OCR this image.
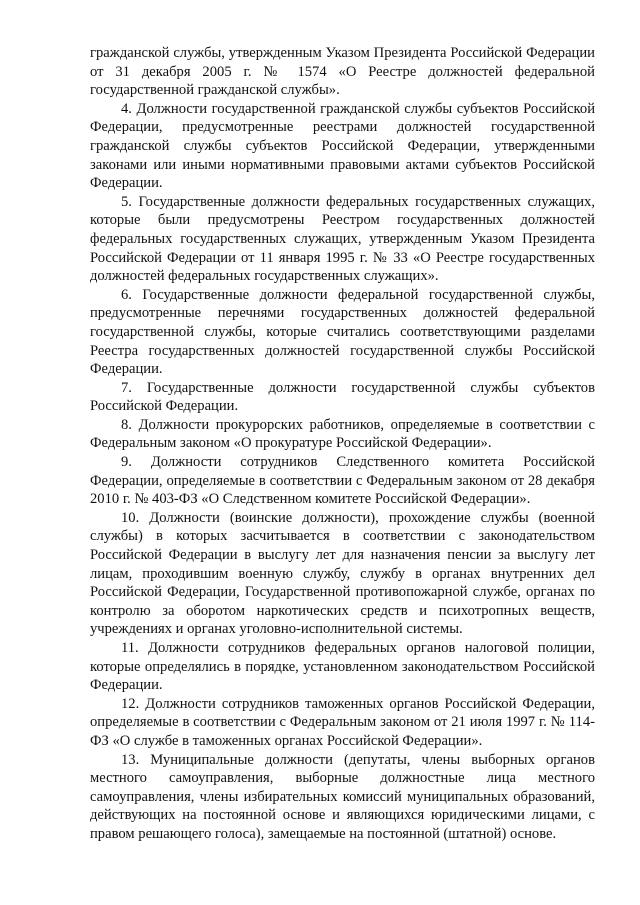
гражданской службы, утвержденным Указом Президента Российской Федерации от 31 декабря 2005 г. № 1574 «О Реестре должностей федеральной государственной гражданской службы».

4. Должности государственной гражданской службы субъектов Российской Федерации, предусмотренные реестрами должностей государственной гражданской службы субъектов Российской Федерации, утвержденными законами или иными нормативными правовыми актами субъектов Российской Федерации.

5. Государственные должности федеральных государственных служащих, которые были предусмотрены Реестром государственных должностей федеральных государственных служащих, утвержденным Указом Президента Российской Федерации от 11 января 1995 г. № 33 «О Реестре государственных должностей федеральных государственных служащих».

6. Государственные должности федеральной государственной службы, предусмотренные перечнями государственных должностей федеральной государственной службы, которые считались соответствующими разделами Реестра государственных должностей государственной службы Российской Федерации.

7. Государственные должности государственной службы субъектов Российской Федерации.

8. Должности прокурорских работников, определяемые в соответствии с Федеральным законом «О прокуратуре Российской Федерации».

9. Должности сотрудников Следственного комитета Российской Федерации, определяемые в соответствии с Федеральным законом от 28 декабря 2010 г. № 403-ФЗ «О Следственном комитете Российской Федерации».

10. Должности (воинские должности), прохождение службы (военной службы) в которых засчитывается в соответствии с законодательством Российской Федерации в выслугу лет для назначения пенсии за выслугу лет лицам, проходившим военную службу, службу в органах внутренних дел Российской Федерации, Государственной противопожарной службе, органах по контролю за оборотом наркотических средств и психотропных веществ, учреждениях и органах уголовно-исполнительной системы.

11. Должности сотрудников федеральных органов налоговой полиции, которые определялись в порядке, установленном законодательством Российской Федерации.

12. Должности сотрудников таможенных органов Российской Федерации, определяемые в соответствии с Федеральным законом от 21 июля 1997 г. № 114-ФЗ «О службе в таможенных органах Российской Федерации».

13. Муниципальные должности (депутаты, члены выборных органов местного самоуправления, выборные должностные лица местного самоуправления, члены избирательных комиссий муниципальных образований, действующих на постоянной основе и являющихся юридическими лицами, с правом решающего голоса), замещаемые на постоянной (штатной) основе.
